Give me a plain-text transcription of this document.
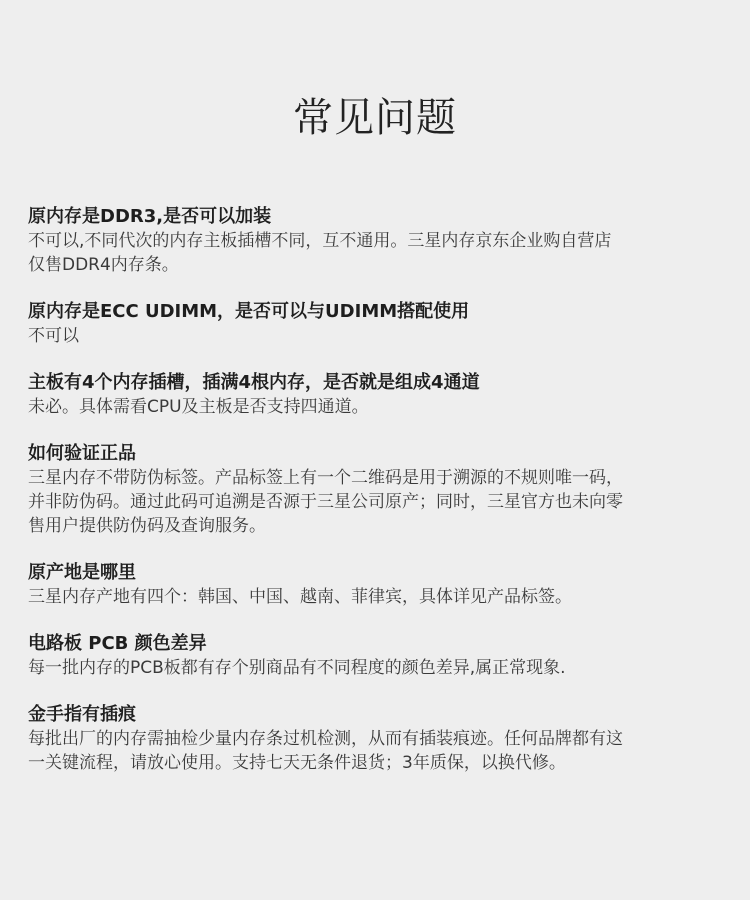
常见问题

原内存是DDR3,是否可以加装

不可以,不同代次的内存主板插槽不同，互不通用。三星内存京东企业购自营店

仅售DDR4内存条。

原内存是ECC UDIMM，是否可以与UDIMM搭配使用

不可以

主板有4个内存插槽，插满4根内存，是否就是组成4通道

未必。具体需看CPU及主板是否支持四通道。

如何验证正品

三星内存不带防伪标签。产品标签上有一个二维码是用于溯源的不规则唯一码，

并非防伪码。通过此码可追溯是否源于三星公司原产；同时，三星官方也未向零

售用户提供防伪码及查询服务。

原产地是哪里

三星内存产地有四个：韩国、中国、越南、菲律宾，具体详见产品标签。

电路板 PCB 颜色差异

每一批内存的PCB板都有存个别商品有不同程度的颜色差异,属正常现象.

金手指有插痕

每批出厂的内存需抽检少量内存条过机检测，从而有插装痕迹。任何品牌都有这

一关键流程，请放心使用。支持七天无条件退货；3年质保，以换代修。
